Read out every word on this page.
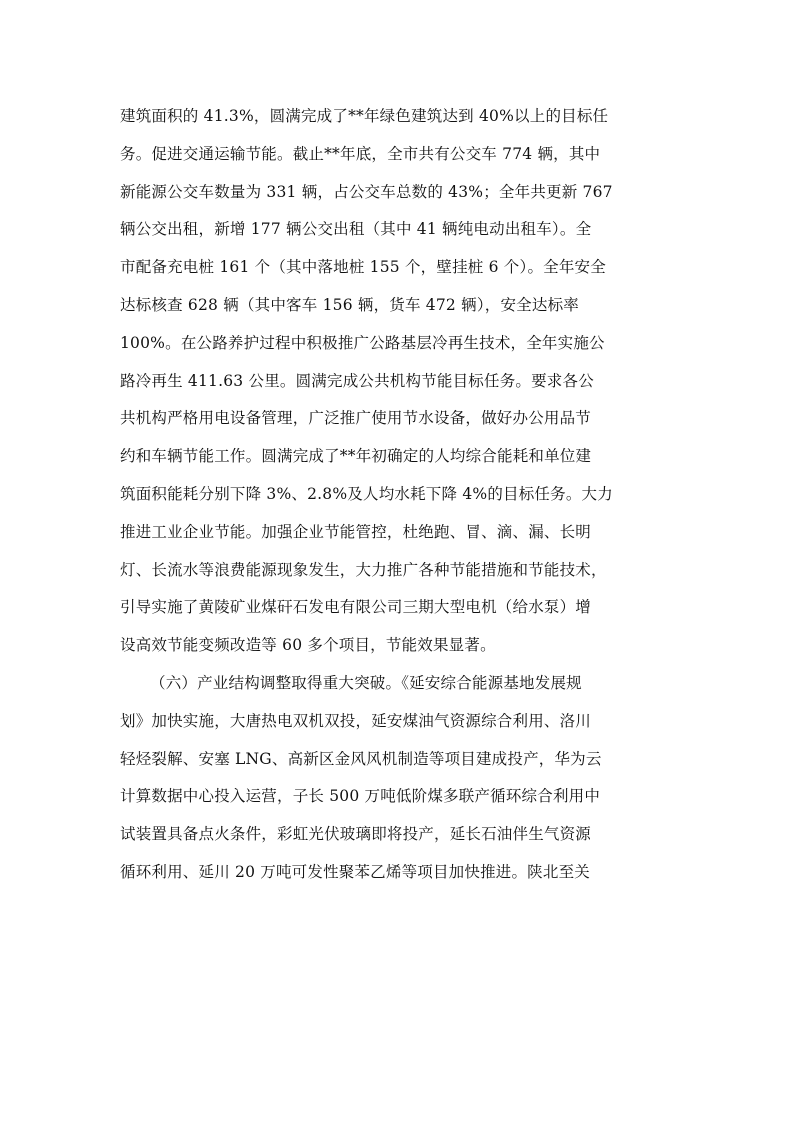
建筑面积的 41.3%，圆满完成了**年绿色建筑达到 40%以上的目标任
务。促进交通运输节能。截止**年底，全市共有公交车 774 辆，其中
新能源公交车数量为 331 辆，占公交车总数的 43%；全年共更新 767
辆公交出租，新增 177 辆公交出租（其中 41 辆纯电动出租车）。全
市配备充电桩 161 个（其中落地桩 155 个，壁挂桩 6 个）。全年安全
达标核查 628 辆（其中客车 156 辆，货车 472 辆），安全达标率
100%。在公路养护过程中积极推广公路基层冷再生技术，全年实施公
路冷再生 411.63 公里。圆满完成公共机构节能目标任务。要求各公
共机构严格用电设备管理，广泛推广使用节水设备，做好办公用品节
约和车辆节能工作。圆满完成了**年初确定的人均综合能耗和单位建
筑面积能耗分别下降 3%、2.8%及人均水耗下降 4%的目标任务。大力
推进工业企业节能。加强企业节能管控，杜绝跑、冒、滴、漏、长明
灯、长流水等浪费能源现象发生，大力推广各种节能措施和节能技术，
引导实施了黄陵矿业煤矸石发电有限公司三期大型电机（给水泵）增
设高效节能变频改造等 60 多个项目，节能效果显著。
（六）产业结构调整取得重大突破。《延安综合能源基地发展规
划》加快实施，大唐热电双机双投，延安煤油气资源综合利用、洛川
轻烃裂解、安塞 LNG、高新区金风风机制造等项目建成投产，华为云
计算数据中心投入运营，子长 500 万吨低阶煤多联产循环综合利用中
试装置具备点火条件，彩虹光伏玻璃即将投产，延长石油伴生气资源
循环利用、延川 20 万吨可发性聚苯乙烯等项目加快推进。陕北至关
